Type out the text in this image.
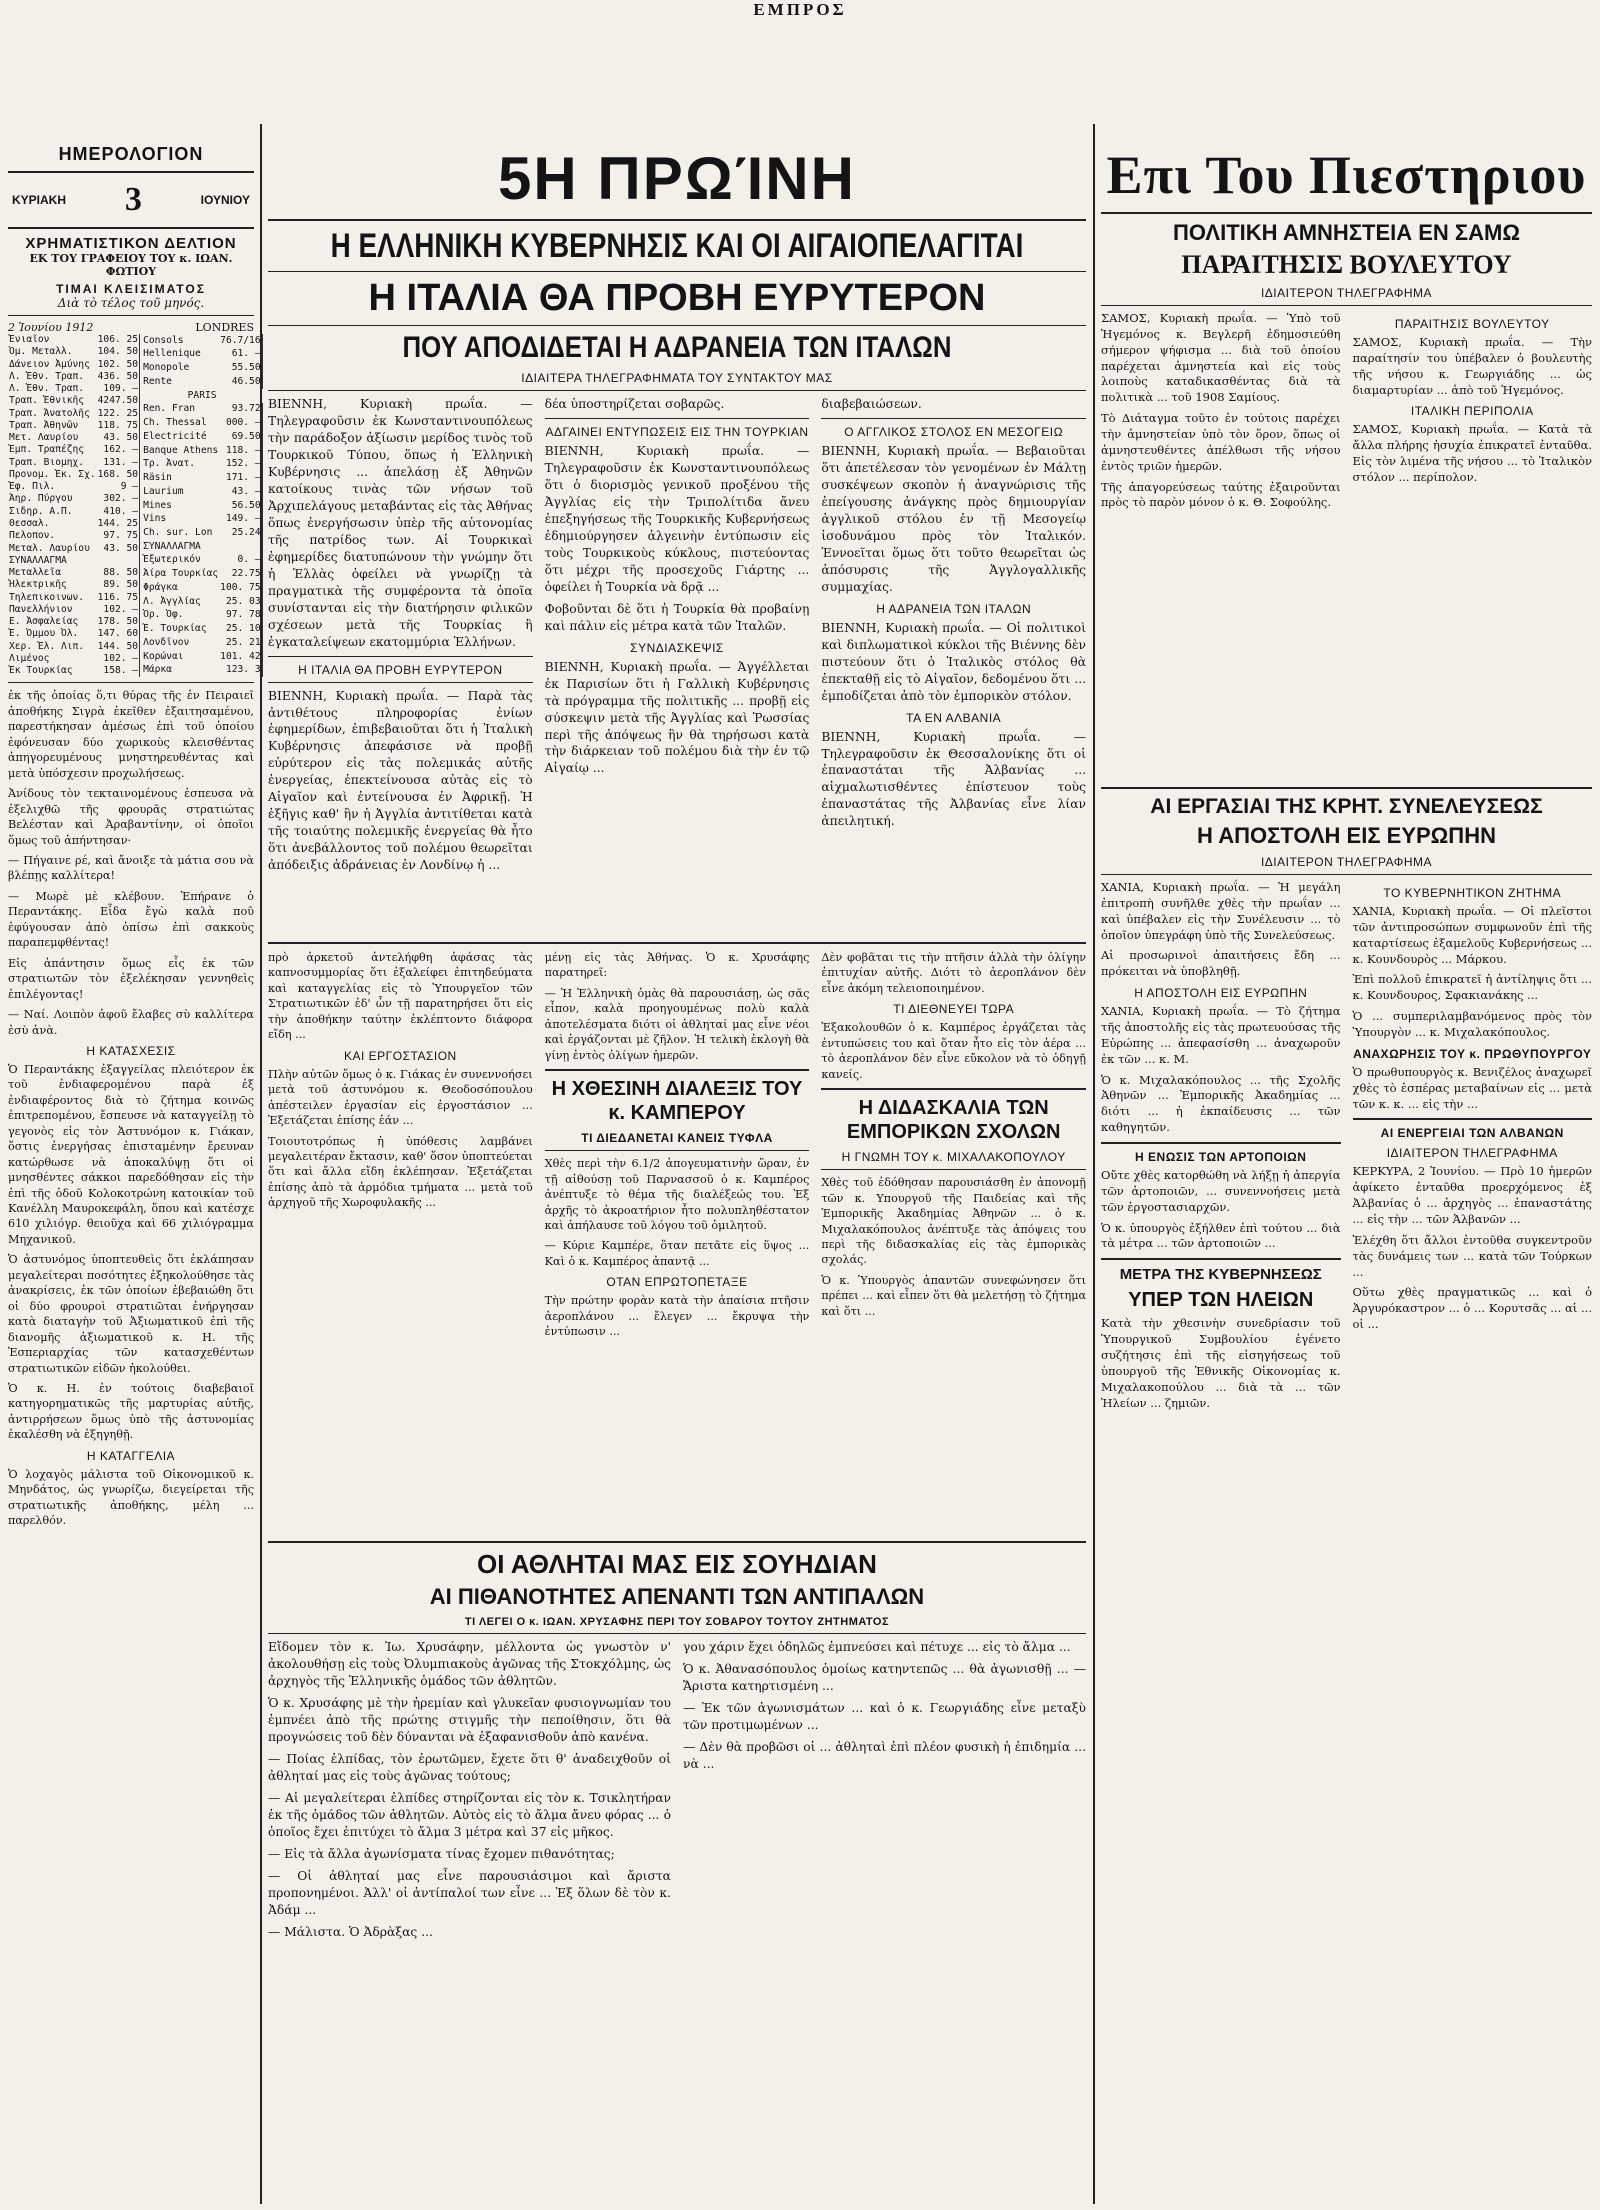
ΕΜΠΡΟΣ
ΗΜΕΡΟΛΟΓΙΟΝ
ΚΥΡΙΑΚΗ 3	ΙΟΥΝΙΟΥ
ΧΡΗΜΑΤΙΣΤΙΚΟΝ ΔΕΛΤΙΟΝ
ΕΚ ΤΟΥ ΓΡΑΦΕΙΟΥ ΤΟΥ κ. ΙΩΑΝ. ΦΩΤΙΟΥ
ΤΙΜΑΙ ΚΛΕΙΣΙΜΑΤΟΣ
Διὰ τὸ τέλος τοῦ μηνός.
2 Ἰουνίου 1912	LONDRES
Ἐνιαῖον	106. 25
Ὀμ. Μεταλλ.	104. 50
Δάνειον Ἀμύνης	102. 50
Λ. Ἐθν. Τραπ.	436. 50
Λ. Ἐθν. Τραπ.	109. —
Τραπ. Ἐθνικῆς	4247.50
Τραπ. Ἀνατολῆς	122. 25
Τραπ. Ἀθηνῶν	118. 75
Μετ. Λαυρίου	43. 50
Ἐμπ. Τραπέζης	162. —
Τραπ. Βιομηχ.	131. —
Προνομ. Ἐκ. Σχ.	168. 50
Ἐφ. Πιλ.	9 —
Ἀηρ. Πύργου	302. —
Σιδηρ. Α.Π.	410. —
Θεσσαλ.	144. 25
Πελοπον.	97. 75
Μεταλ. Λαυρίου	43. 50
ΣΥΝΑΛΛΑΓΜΑ	
Μεταλλεῖα	88. 50
Ἠλεκτρικῆς	89. 50
Τηλεπικοινων.	116. 75
Πανελλήνιον	102. —
Ε. Ἀσφαλείας	178. 50
Ἐ. Ὀμμου Ὀλ.	147. 60
Χερ. Ἐλ. Λιπ.	144. 50
Λιμένος	102. —
Ἐκ Τουρκίας	158. —
Consols	76.7/16
Hellenique	61. —
Monopole	55.50
Rente	46.50
PARIS	
Ren. Fran	93.72

Ch. Thessal	000. —
Electricité	69.50
Banque Athens	118. —
Τρ. Ἀνατ.	152. —
Räsin	171. —
Laurium	43. —
Mines	56.50
Vins	149. —
Ch. sur. Lon	25.24
ΣΥΝΑΛΛΑΓΜΑ	
Ἐξωτερικόν	0. —
Ἀίρα Τουρκίας	22.75
Φράγκα	100. 75
Λ. Ἀγγλίας	25. 03
Ὀρ. Ὀφ.	97. 78
Ἐ. Τουρκίας	25. 10
Λονδῖνον	25. 21
Κορώναι	101. 42
Μάρκα	123. 3

ἐκ τῆς ὁποίας ὅ,τι θύρας τῆς ἐν Πειραιεῖ ἀποθήκης Σιγρὰ ἐκεῖθεν ἐξαιτησαμένου, παρεστήκησαν ἀμέσως ἐπὶ τοῦ ὁποίου ἐφόνευσαν δύο χωρικοὺς κλεισθέντας ἀπηγορευμένους μνηστηρευθέντας καὶ μετὰ ὑπόσχεσιν προχωλήσεως.

Ἀνίδους τὸν τεκταινομένους ἐσπευσα νὰ ἐξελιχθῶ τῆς φρουρᾶς στρατιώτας Βελέσταν καὶ Ἀραβαντίνην, οἱ ὁποῖοι ὅμως τοῦ ἀπήντησαν·

— Πήγαινε ρέ, καὶ ἄνοιξε τὰ μάτια σου νὰ βλέπῃς καλλίτερα!

— Μωρὲ μὲ κλέβουν. Ἐπήρανε ὁ Περαντάκης. Εἶδα ἔγὼ καλὰ ποῦ ἐφύγουσαν ἀπὸ ὀπίσω ἐπὶ σακκοὺς παραπεμφθέντας!

Εἰς ἀπάντησιν ὅμως εἷς ἐκ τῶν στρατιωτῶν τὸν ἐξελέκησαν γεννηθεὶς ἐπιλέγοντας!

— Ναί. Λοιπὸν ἀφοῦ ἔλαβες σὺ καλλίτερα ἐσὺ ἀνὰ.

Η ΚΑΤΑΣΧΕΣΙΣ

Ὁ Περαντάκης ἐξαγγείλας πλειότερον ἐκ τοῦ ἐνδιαφερομένου παρὰ ἐξ ἐνδιαφέροντος διὰ τὸ ζήτημα κοινῶς ἐπιτρεπομένου, ἔσπευσε νὰ καταγγείλῃ τὸ γεγονὸς εἰς τὸν Ἀστυνόμον κ. Γιάκαν, ὅστις ἐνεργήσας ἐπισταμένην ἔρευναν κατώρθωσε νὰ ἀποκαλύψῃ ὅτι οἱ μνησθέντες σάκκοι παρεδόθησαν εἰς τὴν ἐπὶ τῆς ὁδοῦ Κολοκοτρώνη κατοικίαν τοῦ Κανέλλη Μαυροκεφάλη, ὅπου καὶ κατέσχε 610 χιλιόγρ. θειοῦχα καὶ 66 χιλιόγραμμα Μηχανικοῦ.

Ὁ ἀστυνόμος ὑποπτευθεὶς ὅτι ἐκλάπησαν μεγαλείτεραι ποσότητες ἐξηκολούθησε τὰς ἀνακρίσεις, ἐκ τῶν ὁποίων ἐβεβαιώθη ὅτι οἱ δύο φρουροὶ στρατιῶται ἐνήργησαν κατὰ διαταγὴν τοῦ Ἀξιωματικοῦ ἐπὶ τῆς διανομῆς ἀξιωματικοῦ κ. Η. τῆς Ἐσπεριαρχίας τῶν κατασχεθέντων στρατιωτικῶν εἰδῶν ἠκολούθει.

Ὁ κ. Η. ἐν τούτοις διαβεβαιοῖ κατηγορηματικῶς τῆς μαρτυρίας αὐτῆς, ἀντιρρήσεων ὅμως ὑπὸ τῆς ἀστυνομίας ἐκαλέσθη νὰ ἐξηγηθῇ.

Η ΚΑΤΑΓΓΕΛΙΑ

Ὁ λοχαγὸς μάλιστα τοῦ Οἰκονομικοῦ κ. Μηνδάτος, ὡς γνωρίζω, διεγείρεται τῆς στρατιωτικῆς ἀποθήκης, μέλη ... παρελθόν.

5Η ΠΡΩΊΝΗ
Η ΕΛΛΗΝΙΚΗ ΚΥΒΕΡΝΗΣΙΣ ΚΑΙ ΟΙ ΑΙΓΑΙΟΠΕΛΑΓΙΤΑΙ
Η ΙΤΑΛΙΑ ΘΑ ΠΡΟΒΗ ΕΥΡΥΤΕΡΟΝ
ΠΟΥ ΑΠΟΔΙΔΕΤΑΙ Η ΑΔΡΑΝΕΙΑ ΤΩΝ ΙΤΑΛΩΝ
ΙΔΙΑΙΤΕΡΑ ΤΗΛΕΓΡΑΦΗΜΑΤΑ ΤΟΥ ΣΥΝΤΑΚΤΟΥ ΜΑΣ

ΒΙΕΝΝΗ, Κυριακὴ πρωΐα. — Τηλεγραφοῦσιν ἐκ Κωνσταντινουπόλεως τὴν παράδοξον ἀξίωσιν μερίδος τινὸς τοῦ Τουρκικοῦ Τύπου, ὅπως ἡ Ἑλληνικὴ Κυβέρνησις ... ἀπελάσῃ ἐξ Ἀθηνῶν κατοίκους τινὰς τῶν νήσων τοῦ Ἀρχιπελάγους μεταβάντας εἰς τὰς Ἀθήνας ὅπως ἐνεργήσωσιν ὑπὲρ τῆς αὐτονομίας τῆς πατρίδος των. Αἱ Τουρκικαὶ ἐφημερίδες διατυπώνουν τὴν γνώμην ὅτι ἡ Ἑλλὰς ὀφείλει νὰ γνωρίζῃ τὰ πραγματικὰ τῆς συμφέροντα τὰ ὁποῖα συνίστανται εἰς τὴν διατήρησιν φιλικῶν σχέσεων μετὰ τῆς Τουρκίας ἢ ἐγκαταλείψεων εκατομμύρια Ἑλλήνων.

Η ΙΤΑΛΙΑ ΘΑ ΠΡΟΒΗ ΕΥΡΥΤΕΡΟΝ

ΒΙΕΝΝΗ, Κυριακὴ πρωΐα. — Παρὰ τὰς ἀντιθέτους πληροφορίας ἐνίων ἐφημερίδων, ἐπιβεβαιοῦται ὅτι ἡ Ἰταλικὴ Κυβέρνησις ἀπεφάσισε νὰ προβῇ εὐρύτερον εἰς τὰς πολεμικάς αὐτῆς ἐνεργείας, ἐπεκτείνουσα αὐτὰς εἰς τὸ Αἰγαῖον καὶ ἐντείνουσα ἐν Ἀφρικῇ. Ἡ ἐξῆγις καθ' ἣν ἡ Ἀγγλία ἀντιτίθεται κατὰ τῆς τοιαύτης πολεμικῆς ἐνεργείας θὰ ἦτο ὅτι ἀνεβάλλοντος τοῦ πολέμου θεωρεῖται ἀπόδειξις ἀδράνειας ἐν Λονδίνῳ ἡ ...

δέα ὑποστηρίζεται σοβαρῶς.

ΑΔΓΑΙΝΕΙ ΕΝΤΥΠΩΣΕΙΣ ΕΙΣ ΤΗΝ ΤΟΥΡΚΙΑΝ

ΒΙΕΝΝΗ, Κυριακὴ πρωΐα. — Τηλεγραφοῦσιν ἐκ Κωνσταντινουπόλεως ὅτι ὁ διορισμὸς γενικοῦ προξένου τῆς Ἀγγλίας εἰς τὴν Τριπολίτιδα ἄνευ ἐπεξηγήσεως τῆς Τουρκικῆς Κυβερνήσεως ἐδημιούργησεν ἀλγεινὴν ἐντύπωσιν εἰς τοὺς Τουρκικοὺς κύκλους, πιστεύοντας ὅτι μέχρι τῆς προσεχοῦς Γιάρτης ... ὀφείλει ἡ Τουρκία νὰ δρᾷ ...

Φοβοῦνται δὲ ὅτι ἡ Τουρκία θὰ προβαίνῃ καὶ πάλιν εἰς μέτρα κατὰ τῶν Ἰταλῶν.

ΣΥΝΔΙΑΣΚΕΨΙΣ

ΒΙΕΝΝΗ, Κυριακὴ πρωΐα. — Ἀγγέλλεται ἐκ Παρισίων ὅτι ἡ Γαλλικὴ Κυβέρνησις τὰ πρόγραμμα τῆς πολιτικῆς ... προβῇ εἰς σύσκεψιν μετὰ τῆς Ἀγγλίας καὶ Ῥωσσίας περὶ τῆς ἀπόψεως ἣν θὰ τηρήσωσι κατὰ τὴν διάρκειαν τοῦ πολέμου διὰ τὴν ἐν τῷ Αἰγαίῳ ...

διαβεβαιώσεων.

Ο ΑΓΓΛΙΚΟΣ ΣΤΟΛΟΣ ΕΝ ΜΕΣΟΓΕΙΩ

ΒΙΕΝΝΗ, Κυριακὴ πρωΐα. — Βεβαιοῦται ὅτι ἀπετέλεσαν τὸν γενομένων ἐν Μάλτῃ συσκέψεων σκοπὸν ἡ ἀναγνώρισις τῆς ἐπείγουσης ἀνάγκης πρὸς δημιουργίαν ἀγγλικοῦ στόλου ἐν τῇ Μεσογείῳ ἰσοδυνάμου πρὸς τὸν Ἰταλικόν. Ἐννοεῖται ὅμως ὅτι τοῦτο θεωρεῖται ὡς ἀπόσυρσις τῆς Ἀγγλογαλλικῆς συμμαχίας.

Η ΑΔΡΑΝΕΙΑ ΤΩΝ ΙΤΑΛΩΝ

ΒΙΕΝΝΗ, Κυριακὴ πρωΐα. — Οἱ πολιτικοὶ καὶ διπλωματικοὶ κύκλοι τῆς Βιέννης δὲν πιστεύουν ὅτι ὁ Ἰταλικὸς στόλος θὰ ἐπεκταθῇ εἰς τὸ Αἰγαῖον, δεδομένου ὅτι ... ἐμποδίζεται ἀπὸ τὸν ἐμπορικὸν στόλον.

ΤΑ ΕΝ ΑΛΒΑΝΙΑ

ΒΙΕΝΝΗ, Κυριακὴ πρωΐα. — Τηλεγραφοῦσιν ἐκ Θεσσαλονίκης ὅτι οἱ ἐπαναστάται τῆς Ἀλβανίας ... αἰχμαλωτισθέντες ἐπίστευον τοὺς ἐπαναστάτας τῆς Ἀλβανίας εἶνε λίαν ἀπειλητική.

πρὸ ἀρκετοῦ ἀντελήφθη ἀφάσας τὰς καπνοσυμμορίας ὅτι ἐξαλείφει ἐπιτηδεύματα καὶ καταγγελίας εἰς τὸ Ὑπουργεῖον τῶν Στρατιωτικῶν ἐδ' ὧν τῇ παρατηρήσει ὅτι εἰς τὴν ἀποθήκην ταύτην ἐκλέπτοντο διάφορα εἴδη ...

ΚΑΙ ΕΡΓΟΣΤΑΣΙΟΝ

Πλὴν αὐτῶν ὅμως ὁ κ. Γιάκας ἐν συνεννοήσει μετὰ τοῦ ἀστυνόμου κ. Θεοδοσόπουλου ἀπέστειλεν ἐργασίαν εἰς ἐργοστάσιον ... Ἐξετάζεται ἐπίσης ἐάν ...

Τοιουτοτρόπως ἡ ὑπόθεσις λαμβάνει μεγαλειτέραν ἔκτασιν, καθ' ὅσον ὑποπτεύεται ὅτι καὶ ἄλλα εἴδη ἐκλέπησαν. Ἐξετάζεται ἐπίσης ἀπὸ τὰ ἀρμόδια τμήματα ... μετὰ τοῦ ἀρχηγοῦ τῆς Χωροφυλακῆς ...

μένῃ εἰς τὰς Ἀθήνας. Ὁ κ. Χρυσάφης παρατηρεῖ:

— Ἡ Ἑλληνικὴ ὁμὰς θὰ παρουσιάσῃ, ὡς σᾶς εἶπον, καλὰ προηγουμένως πολὺ καλὰ ἀποτελέσματα διότι οἱ ἀθληταί μας εἶνε νέοι καὶ ἐργάζονται μὲ ζῆλον. Ἡ τελικὴ ἐκλογὴ θὰ γίνῃ ἐντὸς ὀλίγων ἡμερῶν.

Η ΧΘΕΣΙΝΗ ΔΙΑΛΕΞΙΣ ΤΟΥ κ. ΚΑΜΠΕΡΟΥ
ΤΙ ΔΙΕΔΑΝΕΤΑΙ ΚΑΝΕΙΣ ΤΥΦΛΑ

Χθὲς περὶ τὴν 6.1/2 ἀπογευματινὴν ὥραν, ἐν τῇ αἰθούσῃ τοῦ Παρνασσοῦ ὁ κ. Καμπέρος ἀνέπτυξε τὸ θέμα τῆς διαλέξεώς του. Ἐξ ἀρχῆς τὸ ἀκροατήριον ἦτο πολυπληθέστατον καὶ ἀπήλαυσε τοῦ λόγου τοῦ ὁμιλητοῦ.

— Κύριε Καμπέρε, ὅταν πετᾶτε εἰς ὕψος ... Καὶ ὁ κ. Καμπέρος ἀπαντᾷ ...

ΟΤΑΝ ΕΠΡΩΤΟΠΕΤΑΞΕ

Τὴν πρώτην φορὰν κατὰ τὴν ἀπαίσια πτῆσιν ἀεροπλάνου ... ἔλεγεν ... ἔκρυψα τὴν ἐντύπωσιν ...

Δὲν φοβᾶται τις τὴν πτῆσιν ἀλλὰ τὴν ὀλίγην ἐπιτυχίαν αὐτῆς. Διότι τὸ ἀεροπλάνον δὲν εἶνε ἀκόμη τελειοποιημένον.

ΤΙ ΔΙΕΘΝΕΥΕΙ ΤΩΡΑ

Ἐξακολουθῶν ὁ κ. Καμπέρος ἐργάζεται τὰς ἐντυπώσεις του καὶ ὅταν ἦτο εἰς τὸν ἀέρα ... τὸ ἀεροπλάνον δὲν εἶνε εὔκολον νὰ τὸ ὁδηγῇ κανείς.

Η ΔΙΔΑΣΚΑΛΙΑ ΤΩΝ ΕΜΠΟΡΙΚΩΝ ΣΧΟΛΩΝ
Η ΓΝΩΜΗ ΤΟΥ κ. ΜΙΧΑΛΑΚΟΠΟΥΛΟΥ

Χθὲς τοῦ ἐδόθησαν παρουσιάσθη ἐν ἀπονομῇ τῶν κ. Υπουργοῦ τῆς Παιδείας καὶ τῆς Ἐμπορικῆς Ἀκαδημίας Ἀθηνῶν ... ὁ κ. Μιχαλακόπουλος ἀνέπτυξε τὰς ἀπόψεις του περὶ τῆς διδασκαλίας εἰς τὰς ἐμπορικὰς σχολάς.

Ὁ κ. Ὑπουργὸς ἀπαντῶν συνεφώνησεν ὅτι πρέπει ... καὶ εἶπεν ὅτι θὰ μελετήσῃ τὸ ζήτημα καὶ ὅτι ...

ΟΙ ΑΘΛΗΤΑΙ ΜΑΣ ΕΙΣ ΣΟΥΗΔΙΑΝ
ΑΙ ΠΙΘΑΝΟΤΗΤΕΣ ΑΠΕΝΑΝΤΙ ΤΩΝ ΑΝΤΙΠΑΛΩΝ
ΤΙ ΛΕΓΕΙ Ο κ. ΙΩΑΝ. ΧΡΥΣΑΦΗΣ ΠΕΡΙ ΤΟΥ ΣΟΒΑΡΟΥ ΤΟΥΤΟΥ ΖΗΤΗΜΑΤΟΣ

Εἴδομεν τὸν κ. Ἰω. Χρυσάφην, μέλλοντα ὡς γνωστὸν ν' ἀκολουθήσῃ εἰς τοὺς Ὀλυμπιακοὺς ἀγῶνας τῆς Στοκχόλμης, ὡς ἀρχηγὸς τῆς Ἑλληνικῆς ὁμάδος τῶν ἀθλητῶν.

Ὁ κ. Χρυσάφης μὲ τὴν ἠρεμίαν καὶ γλυκεῖαν φυσιογνωμίαν του ἐμπνέει ἀπὸ τῆς πρώτης στιγμῆς τὴν πεποίθησιν, ὅτι θὰ προγνώσεις τοῦ δὲν δύνανται νὰ ἐξαφανισθοῦν ἀπὸ κανένα.

— Ποίας ἐλπίδας, τὸν ἐρωτῶμεν, ἔχετε ὅτι θ' ἀναδειχθοῦν οἱ ἀθληταί μας εἰς τοὺς ἀγῶνας τούτους;

— Αἱ μεγαλείτεραι ἐλπίδες στηρίζονται εἰς τὸν κ. Τσικλητήραν ἐκ τῆς ὁμάδος τῶν ἀθλητῶν. Αὐτὸς εἰς τὸ ἄλμα ἄνευ φόρας ... ὁ ὁποῖος ἔχει ἐπιτύχει τὸ ἄλμα 3 μέτρα καὶ 37 εἰς μῆκος.

— Εἰς τὰ ἄλλα ἀγωνίσματα τίνας ἔχομεν πιθανότητας;

— Οἱ ἀθληταί μας εἶνε παρουσιάσιμοι καὶ ἄριστα προπονημένοι. Ἀλλ' οἱ ἀντίπαλοί των εἶνε ... Ἐξ ὅλων δὲ τὸν κ. Ἀδάμ ...

— Μάλιστα. Ὁ Ἀδρὰξας ...

γου χάριν ἔχει ὁδηλῶς ἐμπνεύσει καὶ πέτυχε ... εἰς τὸ ἄλμα ...

Ὁ κ. Ἀθανασόπουλος ὁμοίως κατηντεπῶς ... θὰ ἀγωνισθῇ ... — Ἄριστα κατηρτισμένη ...

— Ἐκ τῶν ἀγωνισμάτων ... καὶ ὁ κ. Γεωργιάδης εἶνε μεταξὺ τῶν προτιμωμένων ...

— Δὲν θὰ προβῶσι οἱ ... ἀθληταὶ ἐπὶ πλέον φυσικὴ ἡ ἐπιδημία ... νὰ ...

Επι Του Πιεστηριου
ΠΟΛΙΤΙΚΗ ΑΜΝΗΣΤΕΙΑ ΕΝ ΣΑΜΩ
ΠΑΡΑΙΤΗΣΙΣ ΒΟΥΛΕΥΤΟΥ
ΙΔΙΑΙΤΕΡΟΝ ΤΗΛΕΓΡΑΦΗΜΑ

ΣΑΜΟΣ, Κυριακὴ πρωΐα. — Ὑπὸ τοῦ Ἡγεμόνος κ. Βεγλερῆ ἐδημοσιεύθη σήμερον ψήφισμα ... διὰ τοῦ ὁποίου παρέχεται ἀμνηστεία καὶ εἰς τοὺς λοιποὺς καταδικασθέντας διὰ τὰ πολιτικὰ ... τοῦ 1908 Σαμίους.

Τὸ Διάταγμα τοῦτο ἐν τούτοις παρέχει τὴν ἀμνηστείαν ὑπὸ τὸν ὅρον, ὅπως οἱ ἀμνηστευθέντες ἀπέλθωσι τῆς νήσου ἐντὸς τριῶν ἡμερῶν.

Τῆς ἀπαγορεύσεως ταύτης ἐξαιροῦνται πρὸς τὸ παρὸν μόνον ὁ κ. Θ. Σοφούλης.

ΠΑΡΑΙΤΗΣΙΣ ΒΟΥΛΕΥΤΟΥ

ΣΑΜΟΣ, Κυριακὴ πρωΐα. — Τὴν παραίτησίν του ὑπέβαλεν ὁ βουλευτὴς τῆς νήσου κ. Γεωργιάδης ... ὡς διαμαρτυρίαν ... ἀπὸ τοῦ Ἡγεμόνος.

ΙΤΑΛΙΚΗ ΠΕΡΙΠΟΛΙΑ

ΣΑΜΟΣ, Κυριακὴ πρωΐα. — Κατὰ τὰ ἄλλα πλήρης ἡσυχία ἐπικρατεῖ ἐνταῦθα. Εἰς τὸν λιμένα τῆς νήσου ... τὸ Ἰταλικὸν στόλον ... περίπολον.

ΑΙ ΕΡΓΑΣΙΑΙ ΤΗΣ ΚΡΗΤ. ΣΥΝΕΛΕΥΣΕΩΣ
Η ΑΠΟΣΤΟΛΗ ΕΙΣ ΕΥΡΩΠΗΝ
ΙΔΙΑΙΤΕΡΟΝ ΤΗΛΕΓΡΑΦΗΜΑ

ΧΑΝΙΑ, Κυριακὴ πρωΐα. — Ἡ μεγάλη ἐπιτροπὴ συνῆλθε χθὲς τὴν πρωΐαν ... καὶ ὑπέβαλεν εἰς τὴν Συνέλευσιν ... τὸ ὁποῖον ὑπεγράφη ὑπὸ τῆς Συνελεύσεως.

Αἱ προσωρινοὶ ἀπαιτήσεις ἔδη ... πρόκειται νὰ ὑποβληθῇ.

Η ΑΠΟΣΤΟΛΗ ΕΙΣ ΕΥΡΩΠΗΝ

ΧΑΝΙΑ, Κυριακὴ πρωΐα. — Τὸ ζήτημα τῆς ἀποστολῆς εἰς τὰς πρωτευούσας τῆς Εὐρώπης ... ἀπεφασίσθη ... ἀναχωροῦν ἐκ τῶν ... κ. Μ.

Ὁ κ. Μιχαλακόπουλος ... τῆς Σχολῆς Ἀθηνῶν ... Ἐμπορικῆς Ἀκαδημίας ... διότι ... ἡ ἐκπαίδευσις ... τῶν καθηγητῶν.

Η ΕΝΩΣΙΣ ΤΩΝ ΑΡΤΟΠΟΙΩΝ

Οὔτε χθὲς κατορθώθη νὰ λήξῃ ἡ ἀπεργία τῶν ἀρτοποιῶν, ... συνεννοήσεις μετὰ τῶν ἐργοστασιαρχῶν.

Ὁ κ. ὑπουργὸς ἐξήλθεν ἐπὶ τούτου ... διὰ τὰ μέτρα ... τῶν ἀρτοποιῶν ...

ΜΕΤΡΑ ΤΗΣ ΚΥΒΕΡΝΗΣΕΩΣ
ΥΠΕΡ ΤΩΝ ΗΛΕΙΩΝ

Κατὰ τὴν χθεσινὴν συνεδρίασιν τοῦ Ὑπουργικοῦ Συμβουλίου ἐγένετο συζήτησις ἐπὶ τῆς εἰσηγήσεως τοῦ ὑπουργοῦ τῆς Ἐθνικῆς Οἰκονομίας κ. Μιχαλακοπούλου ... διὰ τὰ ... τῶν Ἠλείων ... ζημιῶν.

ΤΟ ΚΥΒΕΡΝΗΤΙΚΟΝ ΖΗΤΗΜΑ

ΧΑΝΙΑ, Κυριακὴ πρωΐα. — Οἱ πλεῖστοι τῶν ἀντιπροσώπων συμφωνοῦν ἐπὶ τῆς καταρτίσεως ἐξαμελοῦς Κυβερνήσεως ... κ. Κουνδουρὸς ... Μάρκου.

Ἐπὶ πολλοῦ ἐπικρατεῖ ἡ ἀντίληψις ὅτι ... κ. Κουνδουρος, Σφακιανάκης ...

Ὁ ... συμπεριλαμβανόμενος πρὸς τὸν Ὑπουργὸν ... κ. Μιχαλακόπουλος.

ΑΝΑΧΩΡΗΣΙΣ ΤΟΥ κ. ΠΡΩΘΥΠΟΥΡΓΟΥ

Ὁ πρωθυπουργὸς κ. Βενιζέλος ἀναχωρεῖ χθὲς τὸ ἑσπέρας μεταβαίνων εἰς ... μετὰ τῶν κ. κ. ... εἰς τὴν ...

ΑΙ ΕΝΕΡΓΕΙΑΙ ΤΩΝ ΑΛΒΑΝΩΝ
ΙΔΙΑΙΤΕΡΟΝ ΤΗΛΕΓΡΑΦΗΜΑ

ΚΕΡΚΥΡΑ, 2 Ἰουνίου. — Πρὸ 10 ἡμερῶν ἀφίκετο ἐνταῦθα προερχόμενος ἐξ Ἀλβανίας ὁ ... ἀρχηγὸς ... ἐπαναστάτης ... εἰς τὴν ... τῶν Ἀλβανῶν ...

Ἐλέχθη ὅτι ἄλλοι ἐντοῦθα συγκεντροῦν τὰς δυνάμεις των ... κατὰ τῶν Τούρκων ...

Οὕτω χθὲς πραγματικῶς ... καὶ ὁ Ἀργυρόκαστρον ... ὁ ... Κορυτσᾶς ... αἱ ... οἱ ...
